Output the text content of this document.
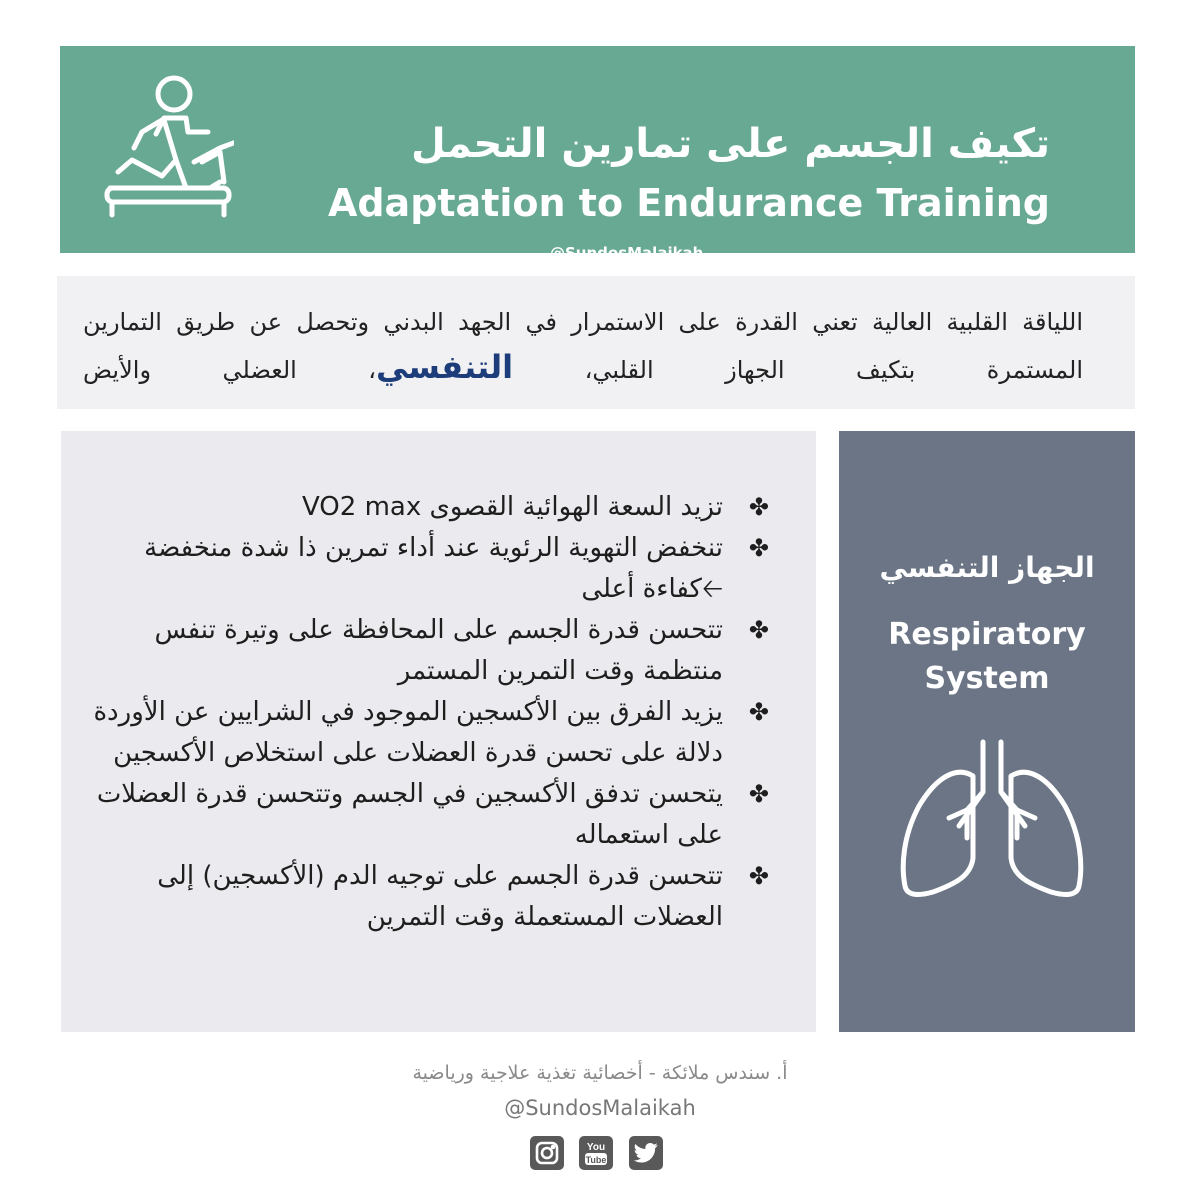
تكيف الجسم على تمارين التحمل
Adaptation to Endurance Training
@SundosMalaikah

اللياقة القلبية العالية تعني القدرة على الاستمرار في الجهد البدني وتحصل عن طريق التمارين المستمرة بتكيف الجهاز القلبي، التنفسي، العضلي والأيض

✤
تزيد السعة الهوائية القصوى VO2 max
✤
تنخفض التهوية الرئوية عند أداء تمرين ذا شدة منخفضة 🡠كفاءة أعلى
✤
تتحسن قدرة الجسم على المحافظة على وتيرة تنفس منتظمة وقت التمرين المستمر
✤
يزيد الفرق بين الأكسجين الموجود في الشرايين عن الأوردة دلالة على تحسن قدرة العضلات على استخلاص الأكسجين
✤
يتحسن تدفق الأكسجين في الجسم وتتحسن قدرة العضلات على استعماله
✤
تتحسن قدرة الجسم على توجيه الدم (الأكسجين) إلى العضلات المستعملة وقت التمرين
الجهاز التنفسي
Respiratory
System
أ. سندس ملائكة - أخصائية تغذية علاجية ورياضية
@SundosMalaikah
You
Tube
